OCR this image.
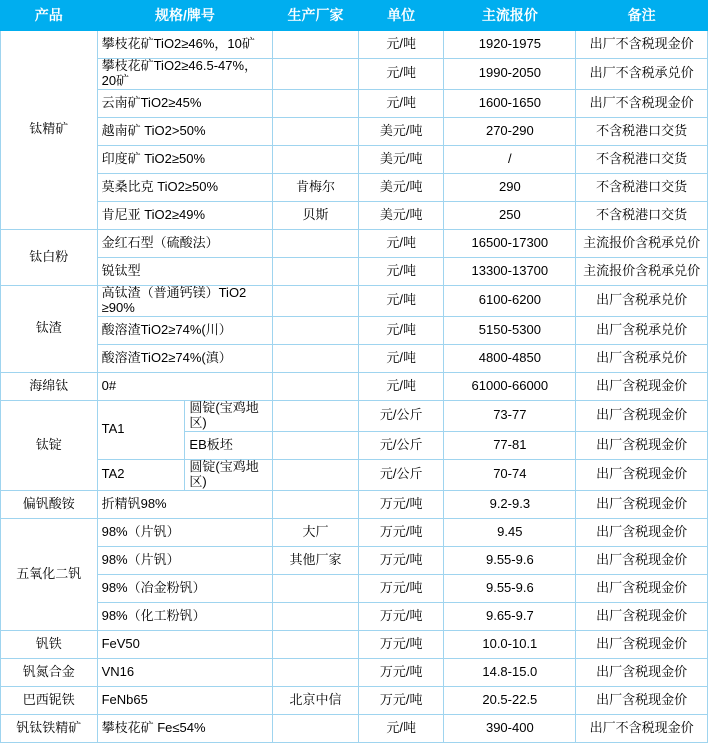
产品	规格/牌号		生产厂家	单位	主流报价	备注
钛精矿	攀枝花矿TiO2≥46%，10矿			元/吨	1920-1975	出厂不含税现金价
	攀枝花矿TiO2≥46.5-47%，20矿			元/吨	1990-2050	出厂不含税承兑价
	云南矿TiO2≥45%			元/吨	1600-1650	出厂不含税现金价
	越南矿 TiO2>50%			美元/吨	270-290	不含税港口交货
	印度矿 TiO2≥50%			美元/吨	/	不含税港口交货
	莫桑比克 TiO2≥50%		肯梅尔	美元/吨	290	不含税港口交货
	肯尼亚 TiO2≥49%		贝斯	美元/吨	250	不含税港口交货
钛白粉	金红石型（硫酸法）			元/吨	16500-17300	主流报价含税承兑价
	锐钛型			元/吨	13300-13700	主流报价含税承兑价
钛渣	高钛渣（普通钙镁）TiO2 ≥90%			元/吨	6100-6200	出厂含税承兑价
	酸溶渣TiO2≥74%(川）			元/吨	5150-5300	出厂含税承兑价
	酸溶渣TiO2≥74%(滇）			元/吨	4800-4850	出厂含税承兑价
海绵钛	0#			元/吨	61000-66000	出厂含税现金价
钛锭	TA1	圆锭(宝鸡地区)		元/公斤	73-77	出厂含税现金价
		EB板坯		元/公斤	77-81	出厂含税现金价
	TA2	圆锭(宝鸡地区)		元/公斤	70-74	出厂含税现金价
偏钒酸铵	折精钒98%			万元/吨	9.2-9.3	出厂含税现金价
五氧化二钒	98%（片钒）		大厂	万元/吨	9.45	出厂含税现金价
	98%（片钒）		其他厂家	万元/吨	9.55-9.6	出厂含税现金价
	98%（冶金粉钒）			万元/吨	9.55-9.6	出厂含税现金价
	98%（化工粉钒）			万元/吨	9.65-9.7	出厂含税现金价
钒铁	FeV50			万元/吨	10.0-10.1	出厂含税现金价
钒氮合金	VN16			万元/吨	14.8-15.0	出厂含税现金价
巴西铌铁	FeNb65		北京中信	万元/吨	20.5-22.5	出厂含税现金价
钒钛铁精矿	攀枝花矿 Fe≤54%			元/吨	390-400	出厂不含税现金价
